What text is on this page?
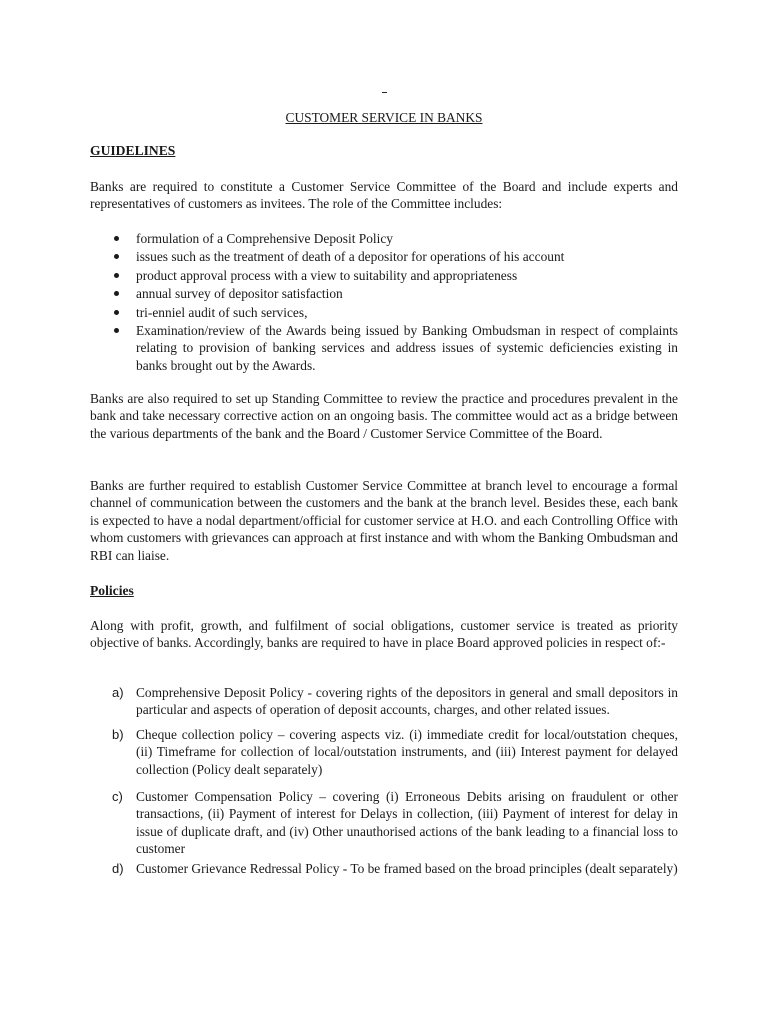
CUSTOMER SERVICE IN BANKS
GUIDELINES

Banks are required to constitute a Customer Service Committee of the Board and include experts and representatives of customers as invitees. The role of the Committee includes:

formulation of a Comprehensive Deposit Policy
issues such as the treatment of death of a depositor for operations of his account
product approval process with a view to suitability and appropriateness
annual survey of depositor satisfaction
tri-enniel audit of such services,
Examination/review of the Awards being issued by Banking Ombudsman in respect of complaints relating to provision of banking services and address issues of systemic deficiencies existing in banks brought out by the Awards.

Banks are also required to set up Standing Committee to review the practice and procedures prevalent in the bank and take necessary corrective action on an ongoing basis. The committee would act as a bridge between the various departments of the bank and the Board / Customer Service Committee of the Board.

Banks are further required to establish Customer Service Committee at branch level to encourage a formal channel of communication between the customers and the bank at the branch level. Besides these, each bank is expected to have a nodal department/official for customer service at H.O. and each Controlling Office with whom customers with grievances can approach at first instance and with whom the Banking Ombudsman and RBI can liaise.

Policies

Along with profit, growth, and fulfilment of social obligations, customer service is treated as priority objective of banks. Accordingly, banks are required to have in place Board approved policies in respect of:-

a) Comprehensive Deposit Policy - covering rights of the depositors in general and small depositors in particular and aspects of operation of deposit accounts, charges, and other related issues.
b) Cheque collection policy – covering aspects viz. (i) immediate credit for local/outstation cheques, (ii) Timeframe for collection of local/outstation instruments, and (iii) Interest payment for delayed collection (Policy dealt separately)
c) Customer Compensation Policy – covering (i) Erroneous Debits arising on fraudulent or other transactions, (ii) Payment of interest for Delays in collection, (iii) Payment of interest for delay in issue of duplicate draft, and (iv) Other unauthorised actions of the bank leading to a financial loss to customer
d) Customer Grievance Redressal Policy - To be framed based on the broad principles (dealt separately)
